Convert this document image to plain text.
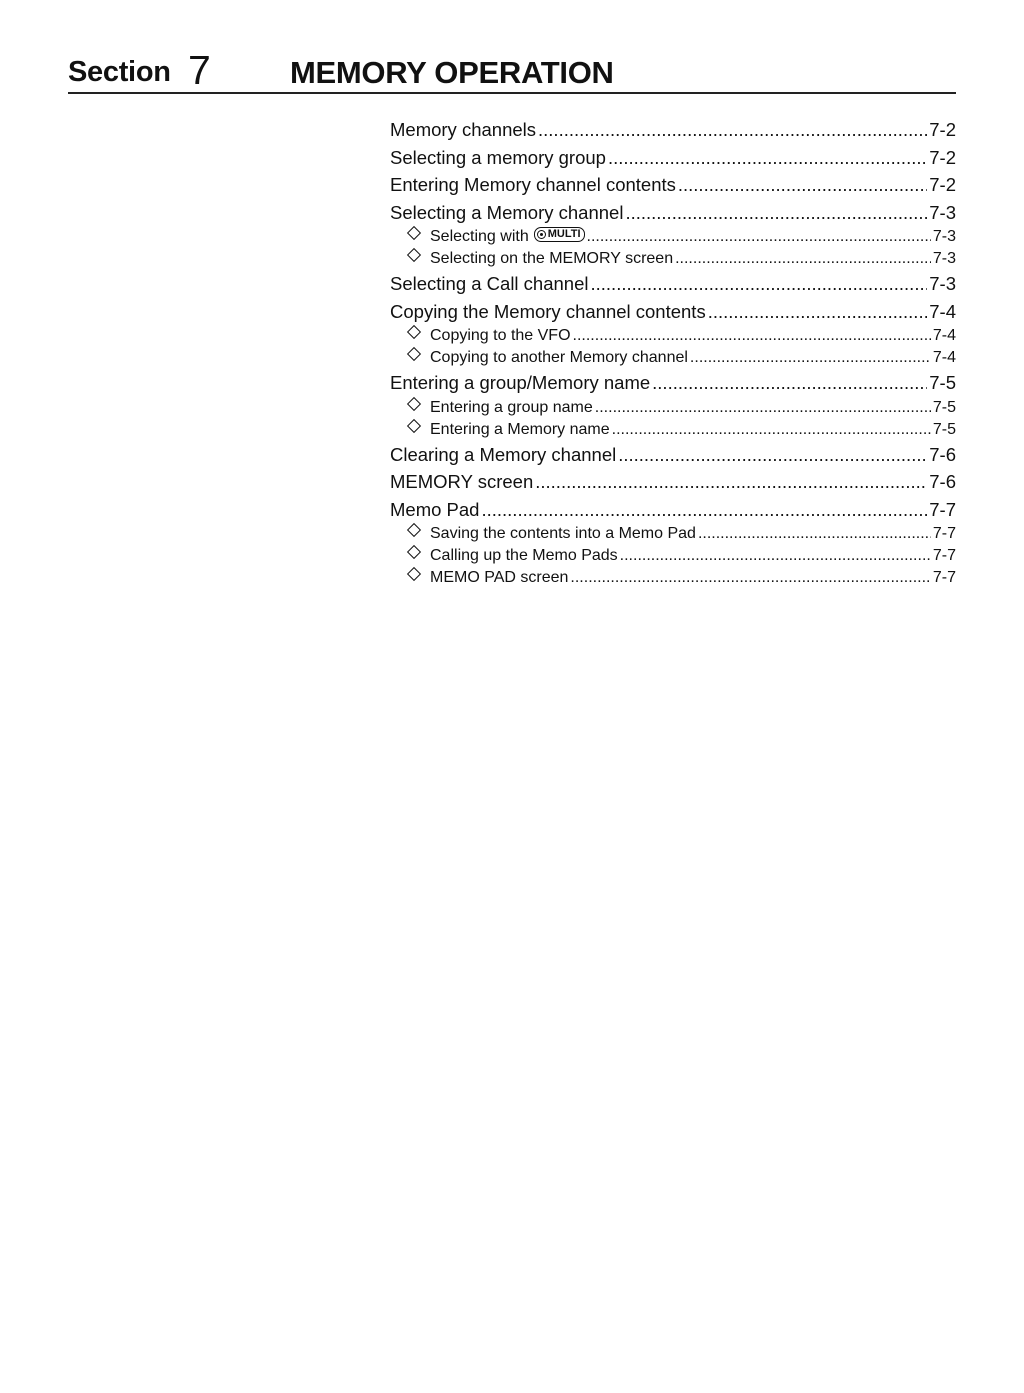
Section 7	MEMORY OPERATION
Memory channels .....	7-2
Selecting a memory group .....	7-2
Entering Memory channel contents .....	7-2
Selecting a Memory channel .....	7-3
Selecting with MULTI .....	7-3
Selecting on the MEMORY screen .....	7-3
Selecting a Call channel .....	7-3
Copying the Memory channel contents .....	7-4
Copying to the VFO .....	7-4
Copying to another Memory channel .....	7-4
Entering a group/Memory name .....	7-5
Entering a group name .....	7-5
Entering a Memory name .....	7-5
Clearing a Memory channel .....	7-6
MEMORY screen .....	7-6
Memo Pad .....	7-7
Saving the contents into a Memo Pad .....	7-7
Calling up the Memo Pads .....	7-7
MEMO PAD screen .....	7-7
